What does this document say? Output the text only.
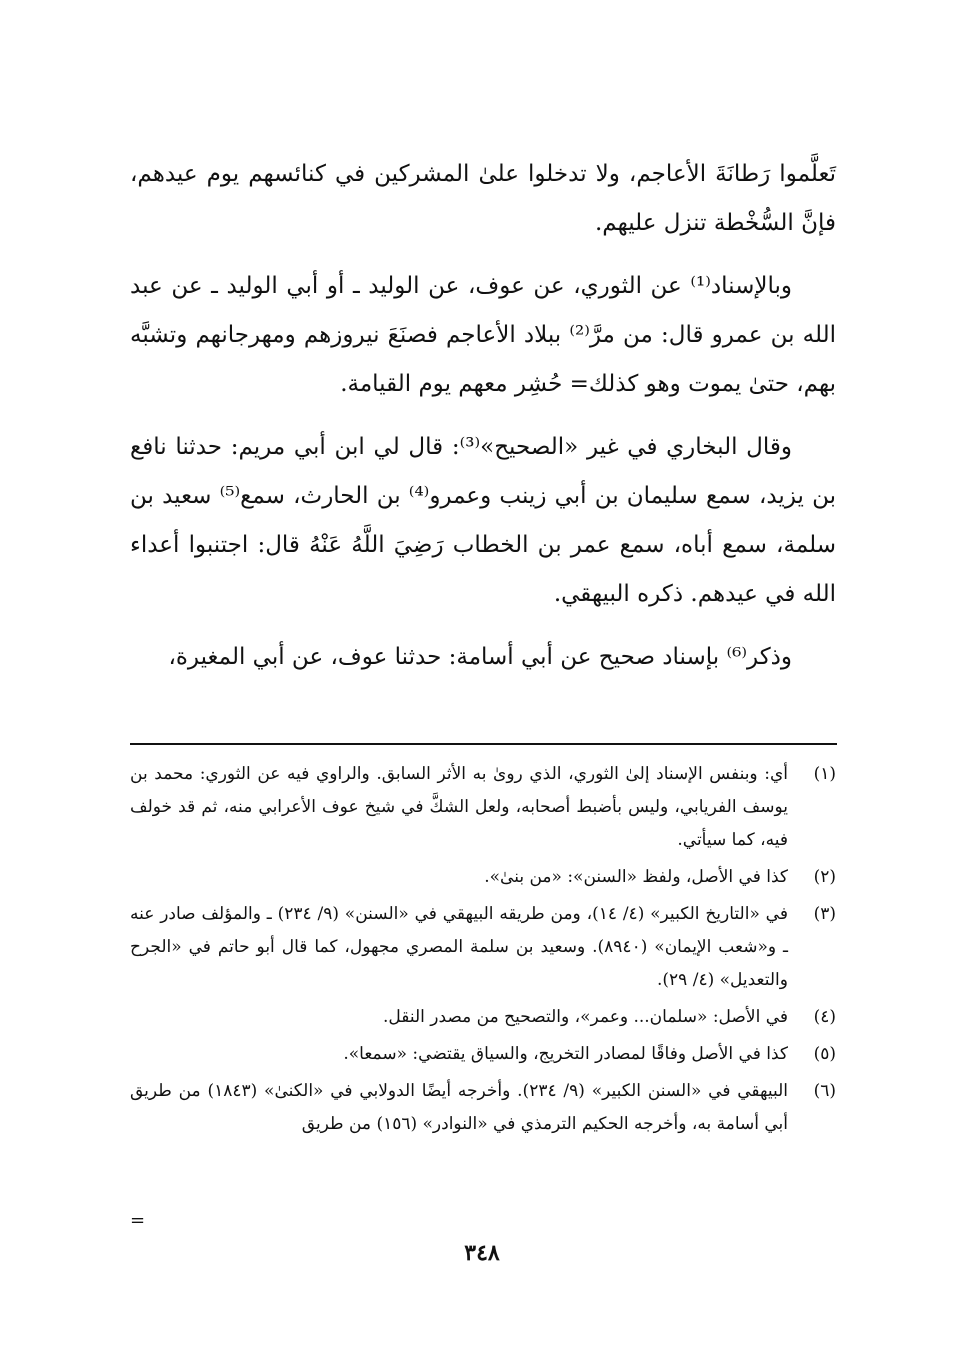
تَعلَّموا رَطانَةَ الأعاجم، ولا تدخلوا علىٰ المشركين في كنائسهم يوم عيدهم، فإنَّ السُّخْطة تنزل عليهم.

وبالإسناد⁽¹⁾ عن الثوري، عن عوف، عن الوليد ـ أو أبي الوليد ـ عن عبد الله بن عمرو قال: من مرَّ⁽²⁾ ببلاد الأعاجم فصنَعَ نيروزهم ومهرجانهم وتشبَّه بهم، حتىٰ يموت وهو كذلك= حُشِر معهم يوم القيامة.

وقال البخاري في غير «الصحيح»⁽³⁾: قال لي ابن أبي مريم: حدثنا نافع بن يزيد، سمع سليمان بن أبي زينب وعمرو⁽⁴⁾ بن الحارث، سمع⁽⁵⁾ سعيد بن سلمة، سمع أباه، سمع عمر بن الخطاب رَضِيَ اللَّهُ عَنْهُ قال: اجتنبوا أعداء الله في عيدهم. ذكره البيهقي.

وذكر⁽⁶⁾ بإسناد صحيح عن أبي أسامة: حدثنا عوف، عن أبي المغيرة،

(١)
أي: وبنفس الإسناد إلىٰ الثوري، الذي روىٰ به الأثر السابق. والراوي فيه عن الثوري: محمد بن يوسف الفريابي، وليس بأضبط أصحابه، ولعل الشكَّ في شيخ عوف الأعرابي منه، ثم قد خولف فيه، كما سيأتي.
(٢)
كذا في الأصل، ولفظ «السنن»: «من بنىٰ».
(٣)
في «التاريخ الكبير» (٤/ ١٤)، ومن طريقه البيهقي في «السنن» (٩/ ٢٣٤) ـ والمؤلف صادر عنه ـ و«شعب الإيمان» (٨٩٤٠). وسعيد بن سلمة المصري مجهول، كما قال أبو حاتم في «الجرح والتعديل» (٤/ ٢٩).
(٤)
في الأصل: «سلمان... وعمر»، والتصحيح من مصدر النقل.
(٥)
كذا في الأصل وفاقًا لمصادر التخريج، والسياق يقتضي: «سمعا».
(٦)
البيهقي في «السنن الكبير» (٩/ ٢٣٤). وأخرجه أيضًا الدولابي في «الكنىٰ» (١٨٤٣) من طريق أبي أسامة به، وأخرجه الحكيم الترمذي في «النوادر» (١٥٦) من طريق
=
٣٤٨
